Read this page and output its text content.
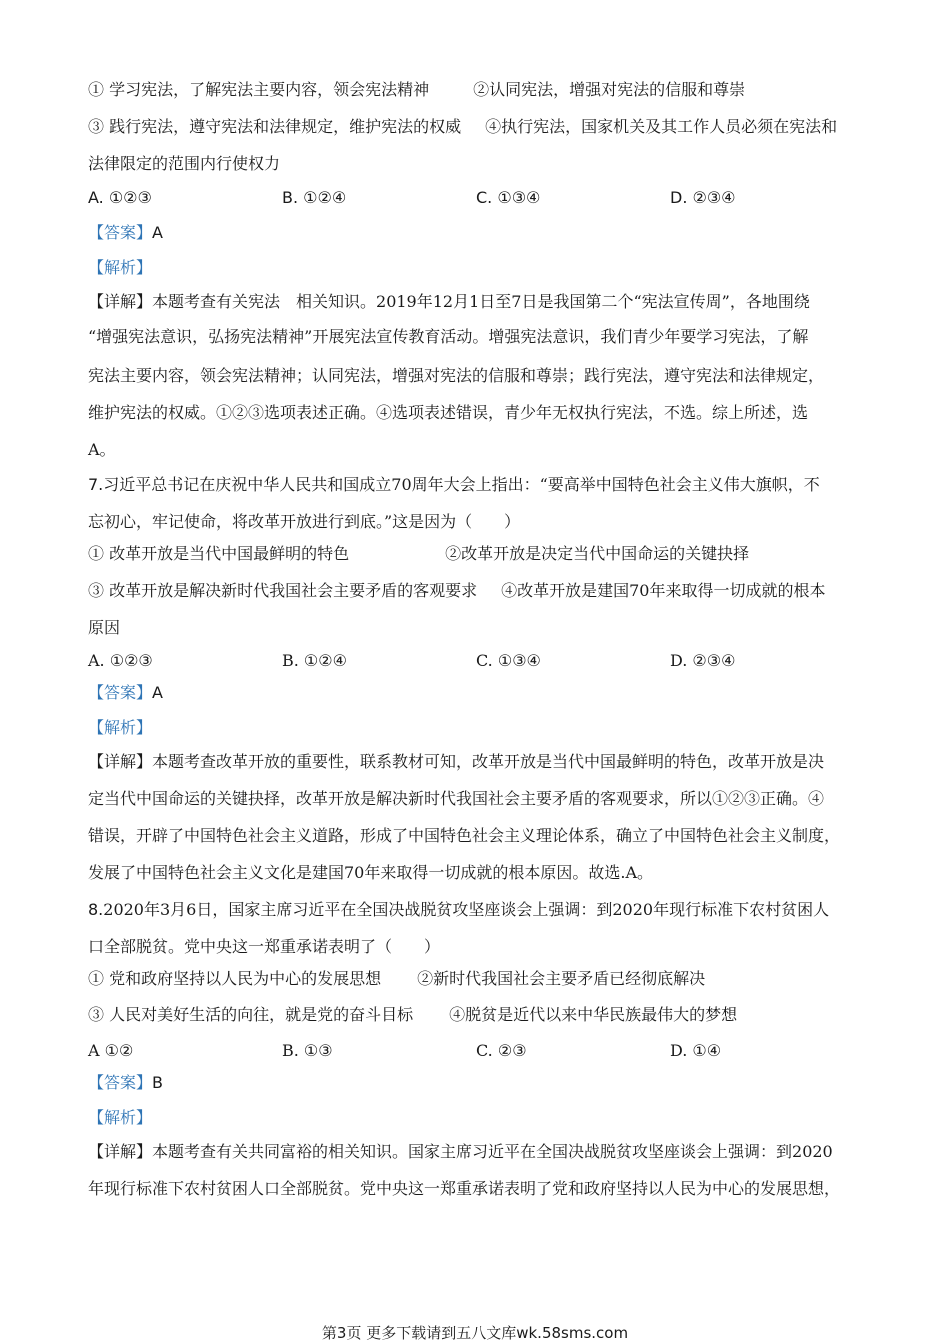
① 学习宪法，了解宪法主要内容，领会宪法精神	②认同宪法，增强对宪法的信服和尊崇
③ 践行宪法，遵守宪法和法律规定，维护宪法的权威 ④执行宪法，国家机关及其工作人员必须在宪法和
法律限定的范围内行使权力
A. ①②③	B. ①②④	C. ①③④	D. ②③④
【答案】A
【解析】
【详解】本题考查有关宪法　相关知识。2019年12月1日至7日是我国第二个“宪法宣传周”，各地围绕
“增强宪法意识，弘扬宪法精神”开展宪法宣传教育活动。增强宪法意识，我们青少年要学习宪法，了解
宪法主要内容，领会宪法精神；认同宪法，增强对宪法的信服和尊崇；践行宪法，遵守宪法和法律规定，
维护宪法的权威。①②③选项表述正确。④选项表述错误，青少年无权执行宪法，不选。综上所述，选
A。
7.习近平总书记在庆祝中华人民共和国成立70周年大会上指出：“要高举中国特色社会主义伟大旗帜，不
忘初心，牢记使命，将改革开放进行到底。”这是因为（　　）
① 改革开放是当代中国最鲜明的特色	②改革开放是决定当代中国命运的关键抉择
③ 改革开放是解决新时代我国社会主要矛盾的客观要求 ④改革开放是建国70年来取得一切成就的根本
原因
A. ①②③	B. ①②④	C. ①③④	D. ②③④
【答案】A
【解析】
【详解】本题考查改革开放的重要性，联系教材可知，改革开放是当代中国最鲜明的特色，改革开放是决
定当代中国命运的关键抉择，改革开放是解决新时代我国社会主要矛盾的客观要求，所以①②③正确。④
错误，开辟了中国特色社会主义道路，形成了中国特色社会主义理论体系，确立了中国特色社会主义制度，
发展了中国特色社会主义文化是建国70年来取得一切成就的根本原因。故选.A。
8.2020年3月6日，国家主席习近平在全国决战脱贫攻坚座谈会上强调：到2020年现行标准下农村贫困人
口全部脱贫。党中央这一郑重承诺表明了（　　）
① 党和政府坚持以人民为中心的发展思想 ②新时代我国社会主要矛盾已经彻底解决
③ 人民对美好生活的向往，就是党的奋斗目标 ④脱贫是近代以来中华民族最伟大的梦想
A ①②	B. ①③	C. ②③	D. ①④
【答案】B
【解析】
【详解】本题考查有关共同富裕的相关知识。国家主席习近平在全国决战脱贫攻坚座谈会上强调：到2020
年现行标准下农村贫困人口全部脱贫。党中央这一郑重承诺表明了党和政府坚持以人民为中心的发展思想，
第3页 更多下载请到五八文库wk.58sms.com
